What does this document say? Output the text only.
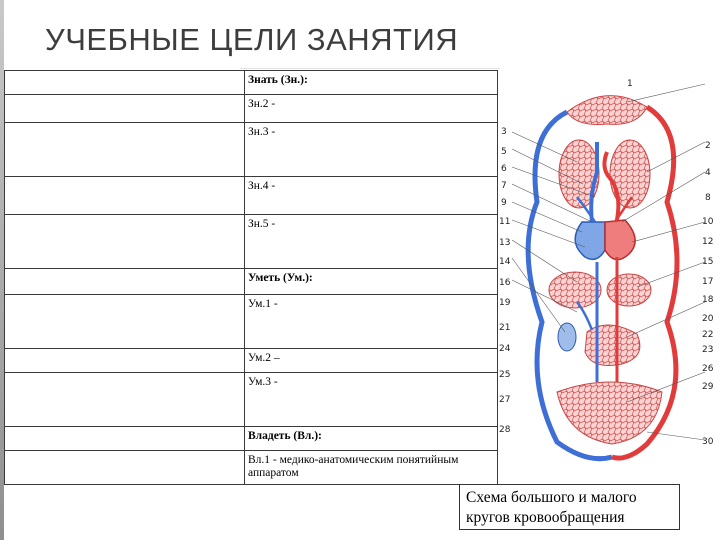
УЧЕБНЫЕ ЦЕЛИ ЗАНЯТИЯ
	Знать (Зн.):
	Зн.2 -
	Зн.3 -
	Зн.4 -
	Зн.5 -
	Уметь (Ум.):
	Ум.1 -
	Ум.2 –
	Ум.3 -
	Владеть (Вл.):
	Вл.1 - медико-анатомическим понятийным аппаратом
3
5
6
7
9
11
13
14
16
19
21
24
25
27
28
1
2
4
8
10
12
15
17
18
20
22
23
26
29
30
Схема большого и малого кругов кровообращения
